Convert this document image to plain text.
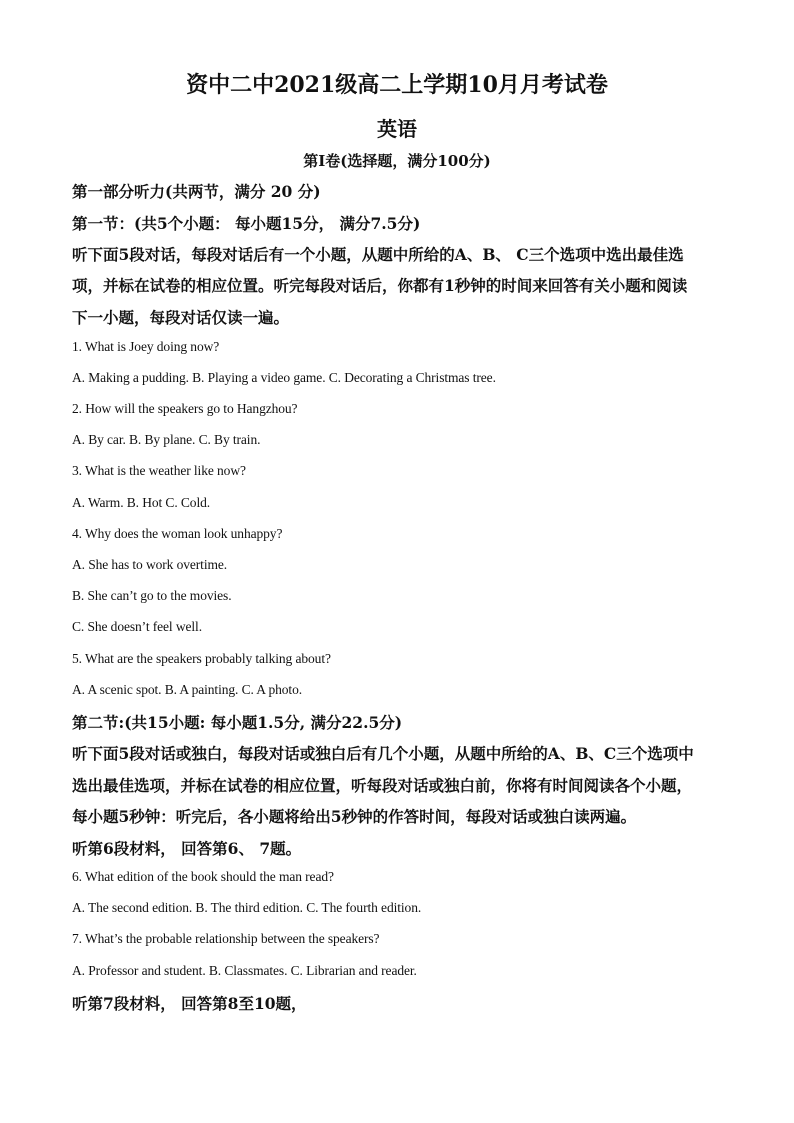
资中二中2021级高二上学期10月月考试卷
英语
第Ⅰ卷(选择题，满分100分)
第一部分听力(共两节，满分 20 分)
第一节：(共5个小题： 每小题15分， 满分7.5分)
听下面5段对话，每段对话后有一个小题，从题中所给的A、B、 C三个选项中选出最佳选
项，并标在试卷的相应位置。听完每段对话后，你都有1秒钟的时间来回答有关小题和阅读
下一小题，每段对话仅读一遍。
1. What is Joey doing now?
A. Making a pudding. B. Playing a video game. C. Decorating a Christmas tree.
2. How will the speakers go to Hangzhou?
A. By car. B. By plane. C. By train.
3. What is the weather like now?
A. Warm. B. Hot C. Cold.
4. Why does the woman look unhappy?
A. She has to work overtime.
B. She can’t go to the movies.
C. She doesn’t feel well.
5. What are the speakers probably talking about?
A. A scenic spot. B. A painting. C. A photo.
第二节:(共15小题: 每小题1.5分, 满分22.5分)
听下面5段对话或独白，每段对话或独白后有几个小题，从题中所给的A、B、C三个选项中
选出最佳选项，并标在试卷的相应位置，听每段对话或独白前，你将有时间阅读各个小题，
每小题5秒钟：听完后，各小题将给出5秒钟的作答时间，每段对话或独白读两遍。
听第6段材料， 回答第6、 7题。
6. What edition of the book should the man read?
A. The second edition. B. The third edition. C. The fourth edition.
7. What’s the probable relationship between the speakers?
A. Professor and student. B. Classmates. C. Librarian and reader.
听第7段材料， 回答第8至10题，
